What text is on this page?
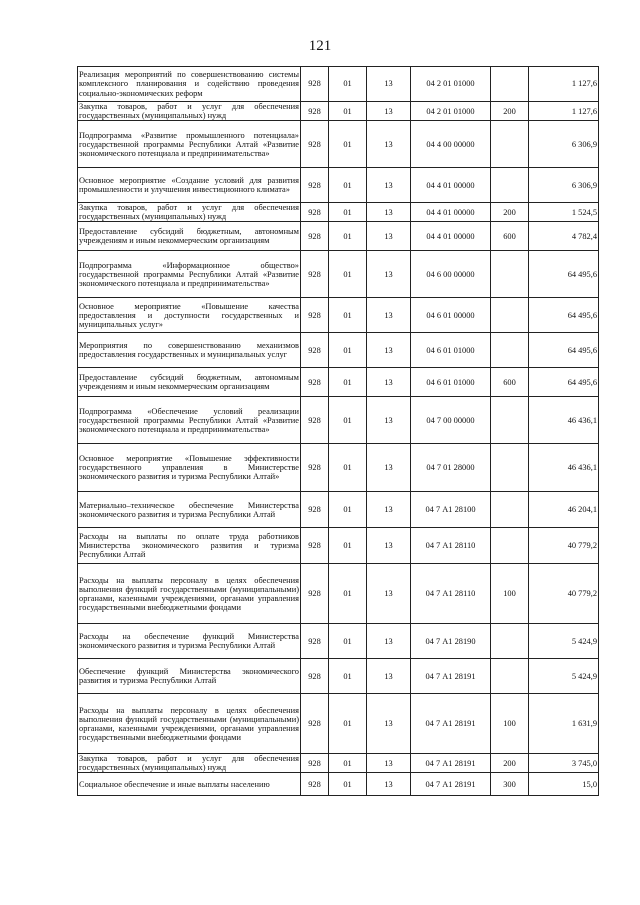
121
Реализация мероприятий по совершенствованию системы комплексного планирования и содействию проведения социально-экономических реформ	928	01	13	04 2 01 01000		1 127,6
Закупка товаров, работ и услуг для обеспечения государственных (муниципальных) нужд	928	01	13	04 2 01 01000	200	1 127,6
Подпрограмма «Развитие промышленного потенциала» государственной программы Республики Алтай «Развитие экономического потенциала и предпринимательства»	928	01	13	04 4 00 00000		6 306,9
Основное мероприятие «Создание условий для развития промышленности и улучшения инвестиционного климата»	928	01	13	04 4 01 00000		6 306,9
Закупка товаров, работ и услуг для обеспечения государственных (муниципальных) нужд	928	01	13	04 4 01 00000	200	1 524,5
Предоставление субсидий бюджетным, автономным учреждениям и иным некоммерческим организациям	928	01	13	04 4 01 00000	600	4 782,4
Подпрограмма «Информационное общество» государственной программы Республики Алтай «Развитие экономического потенциала и предпринимательства»	928	01	13	04 6 00 00000		64 495,6
Основное мероприятие «Повышение качества предоставления и доступности государственных и муниципальных услуг»	928	01	13	04 6 01 00000		64 495,6
Мероприятия по совершенствованию механизмов предоставления государственных и муниципальных услуг	928	01	13	04 6 01 01000		64 495,6
Предоставление субсидий бюджетным, автономным учреждениям и иным некоммерческим организациям	928	01	13	04 6 01 01000	600	64 495,6
Подпрограмма «Обеспечение условий реализации государственной программы Республики Алтай «Развитие экономического потенциала и предпринимательства»	928	01	13	04 7 00 00000		46 436,1
Основное мероприятие «Повышение эффективности государственного управления в Министерстве экономического развития и туризма Республики Алтай»	928	01	13	04 7 01 28000		46 436,1
Материально–техническое обеспечение Министерства экономического развития и туризма Республики Алтай	928	01	13	04 7 А1 28100		46 204,1
Расходы на выплаты по оплате труда работников Министерства экономического развития и туризма Республики Алтай	928	01	13	04 7 А1 28110		40 779,2
Расходы на выплаты персоналу в целях обеспечения выполнения функций государственными (муниципальными) органами, казенными учреждениями, органами управления государственными внебюджетными фондами	928	01	13	04 7 А1 28110	100	40 779,2
Расходы на обеспечение функций Министерства экономического развития и туризма Республики Алтай	928	01	13	04 7 А1 28190		5 424,9
Обеспечение функций Министерства экономического развития и туризма Республики Алтай	928	01	13	04 7 А1 28191		5 424,9
Расходы на выплаты персоналу в целях обеспечения выполнения функций государственными (муниципальными) органами, казенными учреждениями, органами управления государственными внебюджетными фондами	928	01	13	04 7 А1 28191	100	1 631,9
Закупка товаров, работ и услуг для обеспечения государственных (муниципальных) нужд	928	01	13	04 7 А1 28191	200	3 745,0
Социальное обеспечение и иные выплаты населению	928	01	13	04 7 А1 28191	300	15,0
